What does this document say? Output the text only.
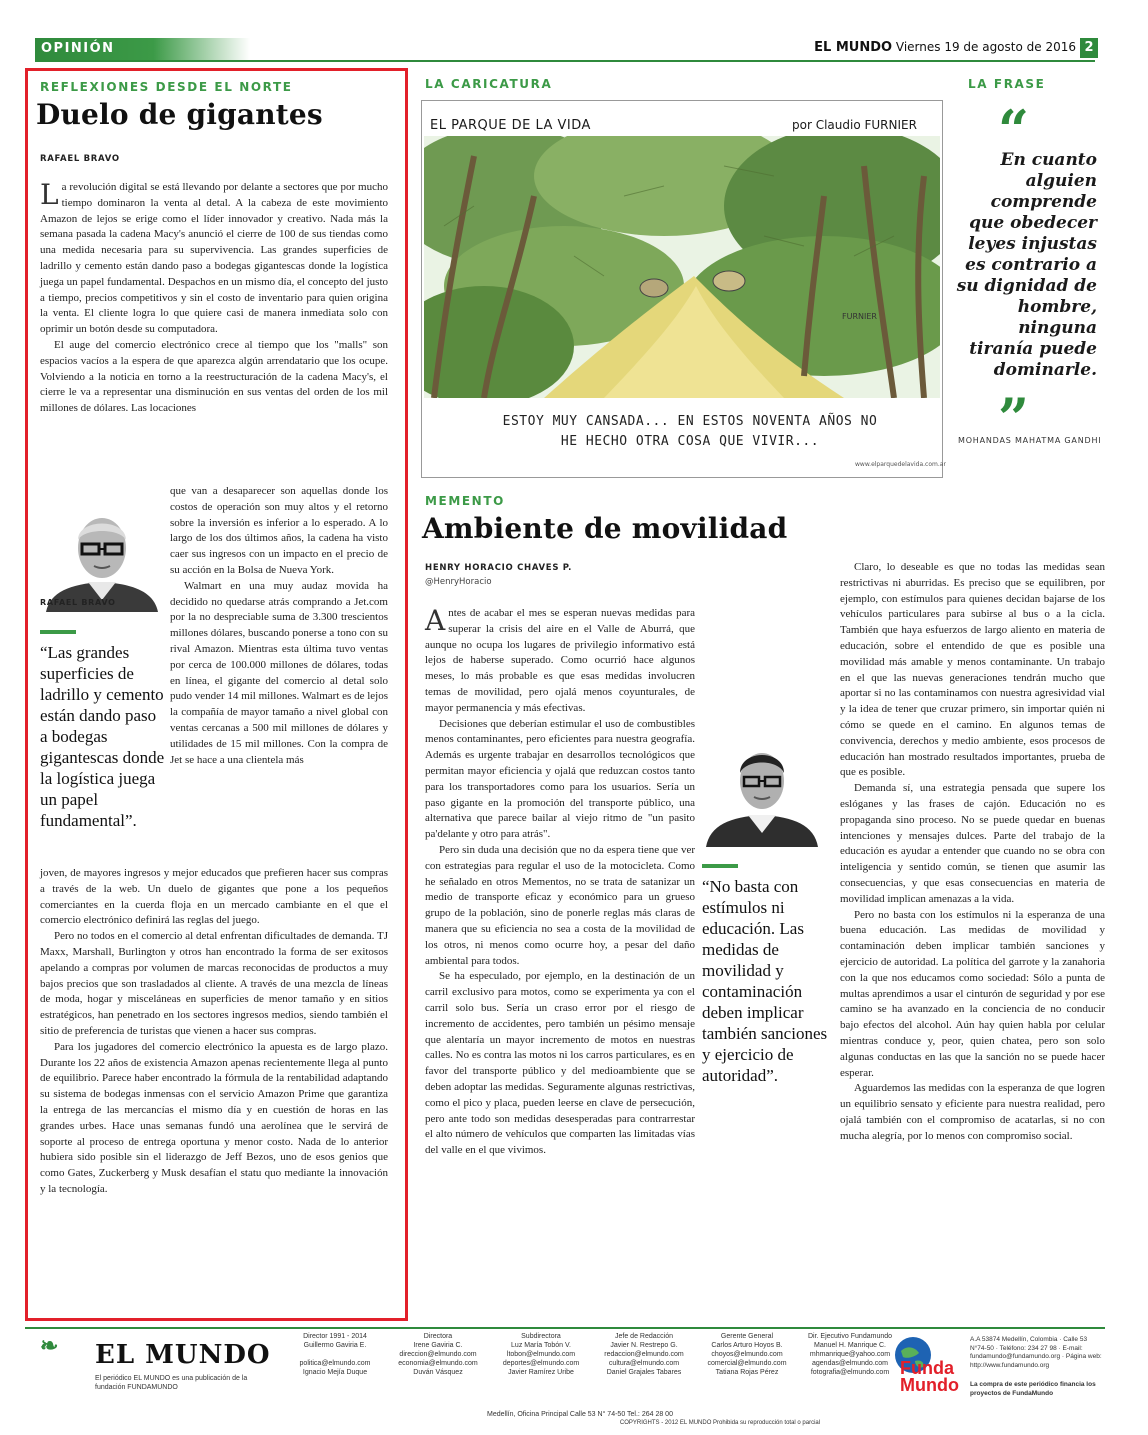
OPINIÓN	EL MUNDO Viernes 19 de agosto de 2016 2
REFLEXIONES DESDE EL NORTE
Duelo de gigantes
RAFAEL BRAVO

La revolución digital se está llevando por delante a sectores que por mucho tiempo dominaron la venta al detal. A la cabeza de este movimiento Amazon de lejos se erige como el líder innovador y creativo. Nada más la semana pasada la cadena Macy's anunció el cierre de 100 de sus tiendas como una medida necesaria para su supervivencia. Las grandes superficies de ladrillo y cemento están dando paso a bodegas gigantescas donde la logística juega un papel fundamental. Despachos en un mismo día, el concepto del justo a tiempo, precios competitivos y sin el costo de inventario para quien origina la venta. El cliente logra lo que quiere casi de manera inmediata solo con oprimir un botón desde su computadora.

El auge del comercio electrónico crece al tiempo que los "malls" son espacios vacíos a la espera de que aparezca algún arrendatario que los ocupe. Volviendo a la noticia en torno a la reestructuración de la cadena Macy's, el cierre le va a representar una disminución en sus ventas del orden de los mil millones de dólares. Las locaciones

RAFAEL BRAVO

que van a desaparecer son aquellas donde los costos de operación son muy altos y el retorno sobre la inversión es inferior a lo esperado. A lo largo de los dos últimos años, la cadena ha visto caer sus ingresos con un impacto en el precio de su acción en la Bolsa de Nueva York.

Walmart en una muy audaz movida ha decidido no quedarse atrás comprando a Jet.com por la no despreciable suma de 3.300 trescientos millones dólares, buscando ponerse a tono con su rival Amazon. Mientras esta última tuvo ventas por cerca de 100.000 millones de dólares, todas en línea, el gigante del comercio al detal solo pudo vender 14 mil millones. Walmart es de lejos la compañía de mayor tamaño a nivel global con ventas cercanas a 500 mil millones de dólares y utilidades de 15 mil millones. Con la compra de Jet se hace a una clientela más

“Las grandes superficies de ladrillo y cemento están dando paso a bodegas gigantescas donde la logística juega un papel fundamental”.

joven, de mayores ingresos y mejor educados que prefieren hacer sus compras a través de la web. Un duelo de gigantes que pone a los pequeños comerciantes en la cuerda floja en un mercado cambiante en el que el comercio electrónico definirá las reglas del juego.

Pero no todos en el comercio al detal enfrentan dificultades de demanda. TJ Maxx, Marshall, Burlington y otros han encontrado la forma de ser exitosos apelando a compras por volumen de marcas reconocidas de productos a muy bajos precios que son trasladados al cliente. A través de una mezcla de líneas de moda, hogar y misceláneas en superficies de menor tamaño y en sitios estratégicos, han penetrado en los sectores ingresos medios, siendo también el sitio de preferencia de turistas que vienen a hacer sus compras.

Para los jugadores del comercio electrónico la apuesta es de largo plazo. Durante los 22 años de existencia Amazon apenas recientemente llega al punto de equilibrio. Parece haber encontrado la fórmula de la rentabilidad adaptando su sistema de bodegas inmensas con el servicio Amazon Prime que garantiza la entrega de las mercancías el mismo día y en cuestión de horas en las grandes urbes. Hace unas semanas fundó una aerolínea que le servirá de soporte al proceso de entrega oportuna y menor costo. Nada de lo anterior hubiera sido posible sin el liderazgo de Jeff Bezos, uno de esos genios que como Gates, Zuckerberg y Musk desafían el statu quo mediante la innovación y la tecnología.

LA CARICATURA
EL PARQUE DE LA VIDA	por Claudio FURNIER
FURNIER
ESTOY MUY CANSADA... EN ESTOS NOVENTA AÑOS NO HE HECHO OTRA COSA QUE VIVIR...
www.elparquedelavida.com.ar
LA FRASE
“
En cuanto alguien comprende que obedecer leyes injustas es contrario a su dignidad de hombre, ninguna tiranía puede dominarle.
”
MOHANDAS MAHATMA GANDHI
MEMENTO
Ambiente de movilidad
HENRY HORACIO CHAVES P.
@HenryHoracio

Antes de acabar el mes se esperan nuevas medidas para superar la crisis del aire en el Valle de Aburrá, que aunque no ocupa los lugares de privilegio informativo está lejos de haberse superado. Como ocurrió hace algunos meses, lo más probable es que esas medidas involucren temas de movilidad, pero ojalá menos coyunturales, de mayor permanencia y más efectivas.

Decisiones que deberían estimular el uso de combustibles menos contaminantes, pero eficientes para nuestra geografía. Además es urgente trabajar en desarrollos tecnológicos que permitan mayor eficiencia y ojalá que reduzcan costos tanto para los transportadores como para los usuarios. Sería un paso gigante en la promoción del transporte público, una alternativa que parece bailar al viejo ritmo de "un pasito pa'delante y otro para atrás".

Pero sin duda una decisión que no da espera tiene que ver con estrategias para regular el uso de la motocicleta. Como he señalado en otros Mementos, no se trata de satanizar un medio de transporte eficaz y económico para un grueso grupo de la población, sino de ponerle reglas más claras de manera que su eficiencia no sea a costa de la movilidad de los otros, ni menos como ocurre hoy, a pesar del daño ambiental para todos.

Se ha especulado, por ejemplo, en la destinación de un carril exclusivo para motos, como se experimenta ya con el carril solo bus. Sería un craso error por el riesgo de incremento de accidentes, pero también un pésimo mensaje que alentaría un mayor incremento de motos en nuestras calles. No es contra las motos ni los carros particulares, es en favor del transporte público y del medioambiente que se deben adoptar las medidas. Seguramente algunas restrictivas, como el pico y placa, pueden leerse en clave de persecución, pero ante todo son medidas desesperadas para contrarrestar el alto número de vehículos que comparten las limitadas vías del valle en el que vivimos.

“No basta con estímulos ni educación. Las medidas de movilidad y contaminación deben implicar también sanciones y ejercicio de autoridad”.

Claro, lo deseable es que no todas las medidas sean restrictivas ni aburridas. Es preciso que se equilibren, por ejemplo, con estímulos para quienes decidan bajarse de los vehículos particulares para subirse al bus o a la cicla. También que haya esfuerzos de largo aliento en materia de educación, sobre el entendido de que es posible una movilidad más amable y menos contaminante. Un trabajo en el que las nuevas generaciones tendrán mucho que aportar si no las contaminamos con nuestra agresividad vial y la idea de tener que cruzar primero, sin importar quién ni cómo se quede en el camino. En algunos temas de convivencia, derechos y medio ambiente, esos procesos de educación han mostrado resultados importantes, prueba de que es posible.

Demanda sí, una estrategia pensada que supere los eslóganes y las frases de cajón. Educación no es propaganda sino proceso. No se puede quedar en buenas intenciones y mensajes dulces. Parte del trabajo de la educación es ayudar a entender que cuando no se obra con inteligencia y sentido común, se tienen que asumir las consecuencias, y que esas consecuencias en materia de movilidad implican amenazas a la vida.

Pero no basta con los estímulos ni la esperanza de una buena educación. Las medidas de movilidad y contaminación deben implicar también sanciones y ejercicio de autoridad. La política del garrote y la zanahoria con la que nos educamos como sociedad: Sólo a punta de multas aprendimos a usar el cinturón de seguridad y por ese camino se ha avanzado en la conciencia de no conducir bajo efectos del alcohol. Aún hay quien habla por celular mientras conduce y, peor, quien chatea, pero son solo algunas conductas en las que la sanción no se puede hacer esperar.

Aguardemos las medidas con la esperanza de que logren un equilibrio sensato y eficiente para nuestra realidad, pero ojalá también con el compromiso de acatarlas, si no con mucha alegría, por lo menos con compromiso social.

❧ EL MUNDO
El periódico EL MUNDO es una publicación de la fundación FUNDAMUNDO
Director 1991 - 2014
Guillermo Gaviria E.
politica@elmundo.com
Ignacio Mejía Duque
Directora
Irene Gaviria C.
direccion@elmundo.com
economia@elmundo.com
Duván Vásquez
Subdirectora
Luz María Tobón V.
ltobon@elmundo.com
deportes@elmundo.com
Javier Ramírez Uribe
Jefe de Redacción
Javier N. Restrepo G.
redaccion@elmundo.com
cultura@elmundo.com
Daniel Grajales Tabares
Gerente General
Carlos Arturo Hoyos B.
choyos@elmundo.com
comercial@elmundo.com
Tatiana Rojas Pérez
Dir. Ejecutivo Fundamundo
Manuel H. Manrique C.
mhmanrique@yahoo.com
agendas@elmundo.com
fotografia@elmundo.com
Medellín, Oficina Principal Calle 53 N° 74-50 Tel.: 264 28 00
COPYRIGHTS - 2012 EL MUNDO Prohibida su reproducción total o parcial
Funda Mundo
A.A 53874 Medellín, Colombia · Calle 53 N°74-50 · Teléfono: 234 27 98 · E-mail: fundamundo@fundamundo.org · Página web: http://www.fundamundo.org
La compra de este periódico financia los proyectos de FundaMundo
